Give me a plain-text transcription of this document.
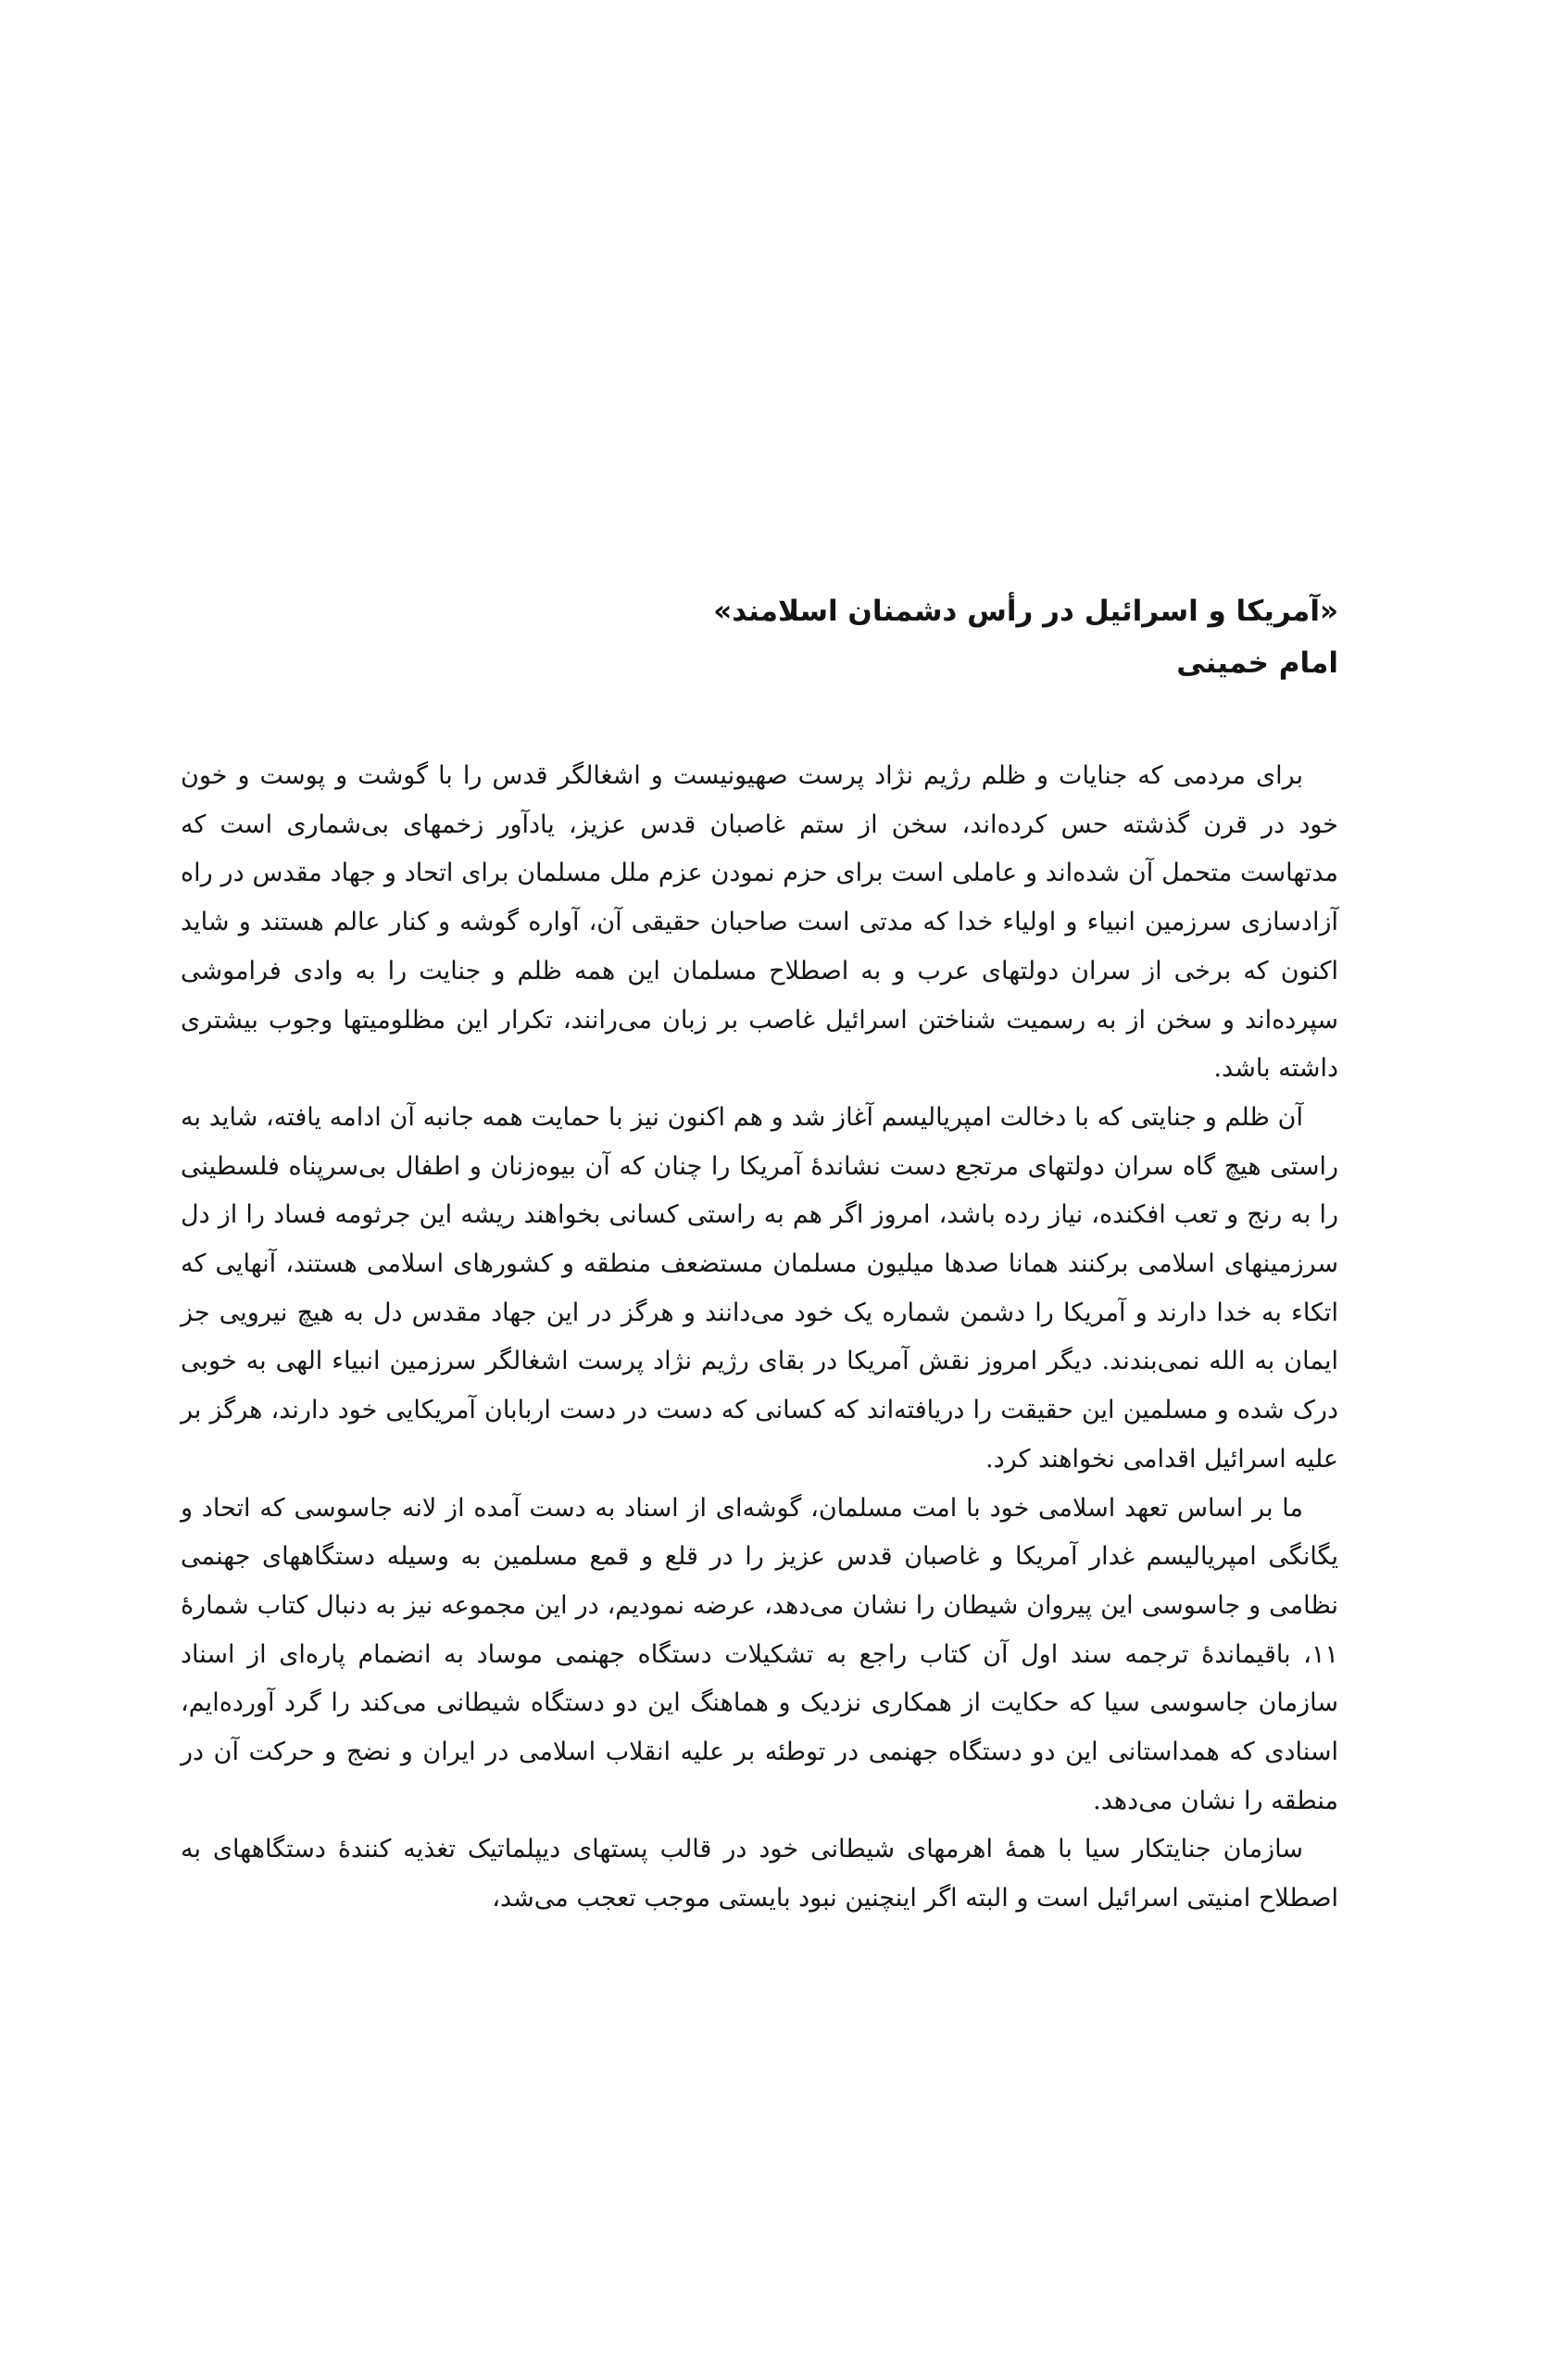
«آمریکا و اسرائیل در رأس دشمنان اسلامند»

امام خمینی

برای مردمی که جنایات و ظلم رژیم نژاد پرست صهیونیست و اشغالگر قدس را با گوشت و پوست و خون خود در قرن گذشته حس کرده‌اند، سخن از ستم غاصبان قدس عزیز، یادآور زخمهای بی‌شماری است که مدتهاست متحمل آن شده‌اند و عاملی است برای حزم نمودن عزم ملل مسلمان برای اتحاد و جهاد مقدس در راه آزادسازی سرزمین انبیاء و اولیاء خدا که مدتی است صاحبان حقیقی آن، آواره گوشه و کنار عالم هستند و شاید اکنون که برخی از سران دولتهای عرب و به اصطلاح مسلمان این همه ظلم و جنایت را به وادی فراموشی سپرده‌اند و سخن از به رسمیت شناختن اسرائیل غاصب بر زبان می‌رانند، تکرار این مظلومیتها وجوب بیشتری داشته باشد.

آن ظلم و جنایتی که با دخالت امپریالیسم آغاز شد و هم اکنون نیز با حمایت همه جانبه آن ادامه یافته، شاید به راستی هیچ گاه سران دولتهای مرتجع دست نشاندهٔ آمریکا را چنان که آن بیوه‌زنان و اطفال بی‌سرپناه فلسطینی را به رنج و تعب افکنده، نیاز رده باشد، امروز اگر هم به راستی کسانی بخواهند ریشه این جرثومه فساد را از دل سرزمینهای اسلامی برکنند همانا صدها میلیون مسلمان مستضعف منطقه و کشورهای اسلامی هستند، آنهایی که اتکاء به خدا دارند و آمریکا را دشمن شماره یک خود می‌دانند و هرگز در این جهاد مقدس دل به هیچ نیرویی جز ایمان به الله نمی‌بندند. دیگر امروز نقش آمریکا در بقای رژیم نژاد پرست اشغالگر سرزمین انبیاء الهی به خوبی درک شده و مسلمین این حقیقت را دریافته‌اند که کسانی که دست در دست اربابان آمریکایی خود دارند، هرگز بر علیه اسرائیل اقدامی نخواهند کرد.

ما بر اساس تعهد اسلامی خود با امت مسلمان، گوشه‌ای از اسناد به دست آمده از لانه جاسوسی که اتحاد و یگانگی امپریالیسم غدار آمریکا و غاصبان قدس عزیز را در قلع و قمع مسلمین به وسیله دستگاههای جهنمی نظامی و جاسوسی این پیروان شیطان را نشان می‌دهد، عرضه نمودیم، در این مجموعه نیز به دنبال کتاب شمارهٔ ۱۱، باقیماندهٔ ترجمه سند اول آن کتاب راجع به تشکیلات دستگاه جهنمی موساد به انضمام پاره‌ای از اسناد سازمان جاسوسی سیا که حکایت از همکاری نزدیک و هماهنگ این دو دستگاه شیطانی می‌کند را گرد آورده‌ایم، اسنادی که همداستانی این دو دستگاه جهنمی در توطئه بر علیه انقلاب اسلامی در ایران و نضج و حرکت آن در منطقه را نشان می‌دهد.

سازمان جنایتکار سیا با همهٔ اهرمهای شیطانی خود در قالب پستهای دیپلماتیک تغذیه کنندهٔ دستگاههای به اصطلاح امنیتی اسرائیل است و البته اگر اینچنین نبود بایستی موجب تعجب می‌شد،
